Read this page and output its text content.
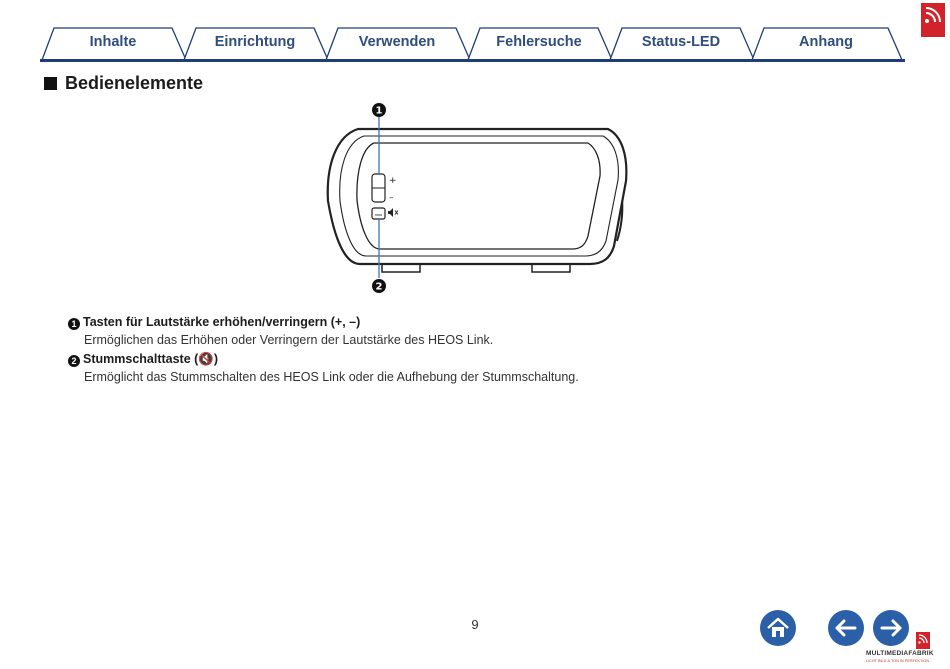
Inhalte	Einrichtung	Verwenden	Fehlersuche	Status-LED	Anhang
Bedienelemente
+
–
1
2
1 Tasten für Lautstärke erhöhen/verringern (+, –)
Ermöglichen das Erhöhen oder Verringern der Lautstärke des HEOS Link.
2 Stummschalttaste (🔇)
Ermöglicht das Stummschalten des HEOS Link oder die Aufhebung der Stummschaltung.
9
MULTIMEDIAFABRIK
LICHT BILD & TON IN PERFEKTION
